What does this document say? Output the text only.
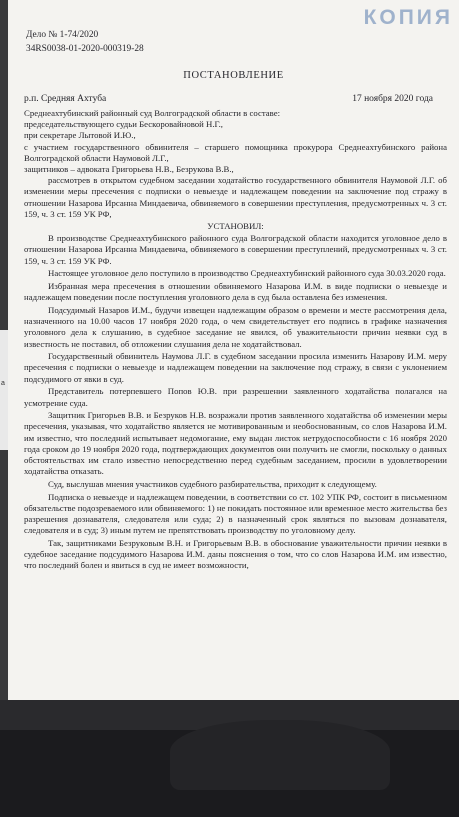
а
КОПИЯ
Дело № 1-74/2020
34RS0038-01-2020-000319-28
ПОСТАНОВЛЕНИЕ
р.п. Средняя Ахтуба	17 ноября 2020 года

Среднеахтубинский районный суд Волгоградской области в составе:

председательствующего судьи Бескоровайновой Н.Г.,

при секретаре Лытовой И.Ю.,

с участием государственного обвинителя – старшего помощника прокурора Среднеахтубинского района Волгоградской области Наумовой Л.Г.,

защитников – адвоката Григорьева Н.В., Безрукова В.В.,

рассмотрев в открытом судебном заседании ходатайство государственного обвинителя Наумовой Л.Г. об изменении меры пресечения с подписки о невыезде и надлежащем поведении на заключение под стражу в отношении Назарова Ирсанна Миндаевича, обвиняемого в совершении преступления, предусмотренных ч. 3 ст. 159, ч. 3 ст. 159 УК РФ,

УСТАНОВИЛ:

В производстве Среднеахтубинского районного суда Волгоградской области находится уголовное дело в отношении Назарова Ирсанна Миндаевича, обвиняемого в совершении преступлений, предусмотренных ч. 3 ст. 159, ч. 3 ст. 159 УК РФ.

Настоящее уголовное дело поступило в производство Среднеахтубинский районного суда 30.03.2020 года.

Избранная мера пресечения в отношении обвиняемого Назарова И.М. в виде подписки о невыезде и надлежащем поведении после поступления уголовного дела в суд была оставлена без изменения.

Подсудимый Назаров И.М., будучи извещен надлежащим образом о времени и месте рассмотрения дела, назначенного на 10.00 часов 17 ноября 2020 года, о чем свидетельствует его подпись в графике назначения уголовного дела к слушанию, в судебное заседание не явился, об уважительности причин неявки суд в известность не поставил, об отложении слушания дела не ходатайствовал.

Государственный обвинитель Наумова Л.Г. в судебном заседании просила изменить Назарову И.М. меру пресечения с подписки о невыезде и надлежащем поведении на заключение под стражу, в связи с уклонением подсудимого от явки в суд.

Представитель потерпевшего Попов Ю.В. при разрешении заявленного ходатайства полагался на усмотрение суда.

Защитник Григорьев В.В. и Безруков Н.В. возражали против заявленного ходатайства об изменении меры пресечения, указывая, что ходатайство является не мотивированным и необоснованным, со слов Назарова И.М. им известно, что последний испытывает недомогание, ему выдан листок нетрудоспособности с 16 ноября 2020 года сроком до 19 ноября 2020 года, подтверждающих документов они получить не смогли, поскольку о данных обстоятельствах им стало известно непосредственно перед судебным заседанием, просили в удовлетворении ходатайства отказать.

Суд, выслушав мнения участников судебного разбирательства, приходит к следующему.

Подписка о невыезде и надлежащем поведении, в соответствии со ст. 102 УПК РФ, состоит в письменном обязательстве подозреваемого или обвиняемого: 1) не покидать постоянное или временное место жительства без разрешения дознавателя, следователя или суда; 2) в назначенный срок являться по вызовам дознавателя, следователя и в суд; 3) иным путем не препятствовать производству по уголовному делу.

Так, защитниками Безруковым В.Н. и Григорьевым В.В. в обоснование уважительности причин неявки в судебное заседание подсудимого Назарова И.М. даны пояснения о том, что со слов Назарова И.М. им известно, что последний болен и явиться в суд не имеет возможности,
